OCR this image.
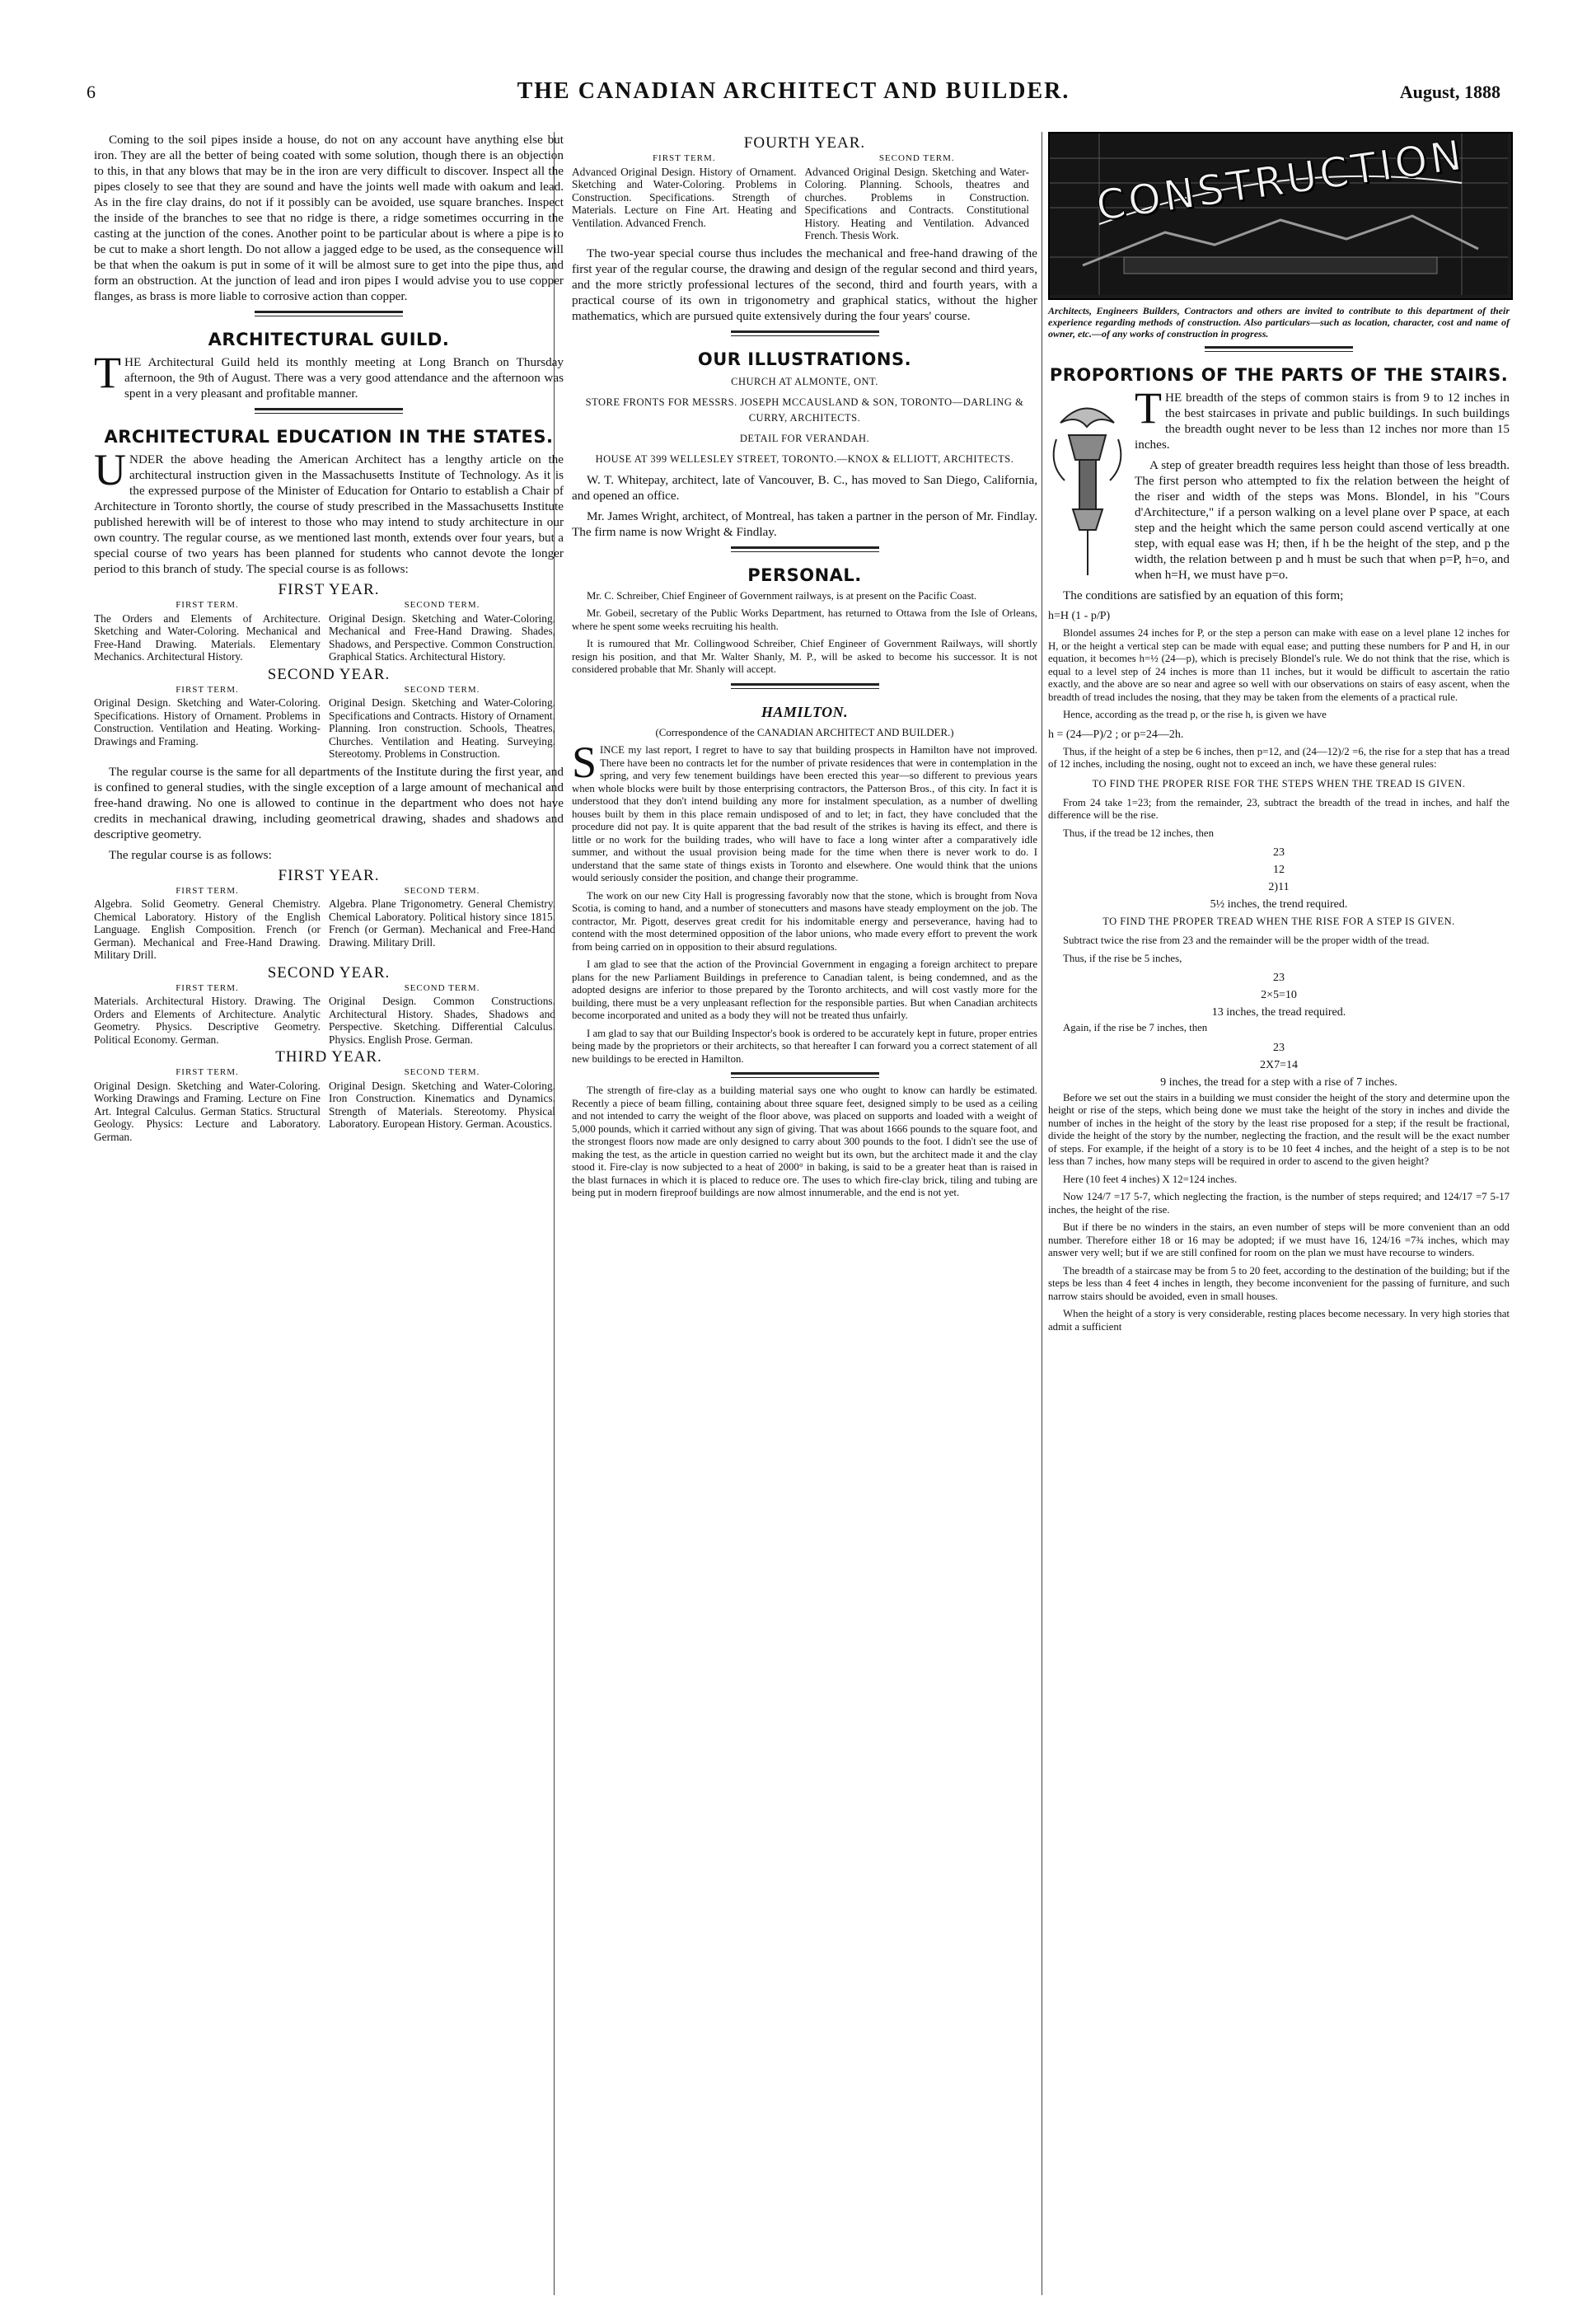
6	THE CANADIAN ARCHITECT AND BUILDER.	August, 1888

Coming to the soil pipes inside a house, do not on any account have anything else but iron. They are all the better of being coated with some solution, though there is an objection to this, in that any blows that may be in the iron are very difficult to discover. Inspect all the pipes closely to see that they are sound and have the joints well made with oakum and lead. As in the fire clay drains, do not if it possibly can be avoided, use square branches. Inspect the inside of the branches to see that no ridge is there, a ridge sometimes occurring in the casting at the junction of the cones. Another point to be particular about is where a pipe is to be cut to make a short length. Do not allow a jagged edge to be used, as the consequence will be that when the oakum is put in some of it will be almost sure to get into the pipe thus, and form an obstruction. At the junction of lead and iron pipes I would advise you to use copper flanges, as brass is more liable to corrosive action than copper.

ARCHITECTURAL GUILD.

THE Architectural Guild held its monthly meeting at Long Branch on Thursday afternoon, the 9th of August. There was a very good attendance and the afternoon was spent in a very pleasant and profitable manner.

ARCHITECTURAL EDUCATION IN THE STATES.

UNDER the above heading the American Architect has a lengthy article on the architectural instruction given in the Massachusetts Institute of Technology. As it is the expressed purpose of the Minister of Education for Ontario to establish a Chair of Architecture in Toronto shortly, the course of study prescribed in the Massachusetts Institute published herewith will be of interest to those who may intend to study architecture in our own country. The regular course, as we mentioned last month, extends over four years, but a special course of two years has been planned for students who cannot devote the longer period to this branch of study. The special course is as follows:

FIRST YEAR.
FIRST TERM.
The Orders and Elements of Architecture. Sketching and Water-Coloring. Mechanical and Free-Hand Drawing. Materials. Elementary Mechanics. Architectural History.
SECOND TERM.
Original Design. Sketching and Water-Coloring. Mechanical and Free-Hand Drawing. Shades, Shadows, and Perspective. Common Construction. Graphical Statics. Architectural History.
SECOND YEAR.
FIRST TERM.
Original Design. Sketching and Water-Coloring. Specifications. History of Ornament. Problems in Construction. Ventilation and Heating. Working-Drawings and Framing.
SECOND TERM.
Original Design. Sketching and Water-Coloring. Specifications and Contracts. History of Ornament. Planning. Iron construction. Schools, Theatres, Churches. Ventilation and Heating. Surveying. Stereotomy. Problems in Construction.

The regular course is the same for all departments of the Institute during the first year, and is confined to general studies, with the single exception of a large amount of mechanical and free-hand drawing. No one is allowed to continue in the department who does not have credits in mechanical drawing, including geometrical drawing, shades and shadows and descriptive geometry.

The regular course is as follows:

FIRST YEAR.
FIRST TERM.
Algebra. Solid Geometry. General Chemistry. Chemical Laboratory. History of the English Language. English Composition. French (or German). Mechanical and Free-Hand Drawing. Military Drill.
SECOND TERM.
Algebra. Plane Trigonometry. General Chemistry. Chemical Laboratory. Political history since 1815. French (or German). Mechanical and Free-Hand Drawing. Military Drill.
SECOND YEAR.
FIRST TERM.
Materials. Architectural History. Drawing. The Orders and Elements of Architecture. Analytic Geometry. Physics. Descriptive Geometry. Political Economy. German.
SECOND TERM.
Original Design. Common Constructions. Architectural History. Shades, Shadows and Perspective. Sketching. Differential Calculus. Physics. English Prose. German.
THIRD YEAR.
FIRST TERM.
Original Design. Sketching and Water-Coloring. Working Drawings and Framing. Lecture on Fine Art. Integral Calculus. German Statics. Structural Geology. Physics: Lecture and Laboratory. German.
SECOND TERM.
Original Design. Sketching and Water-Coloring. Iron Construction. Kinematics and Dynamics. Strength of Materials. Stereotomy. Physical Laboratory. European History. German. Acoustics.
FOURTH YEAR.
FIRST TERM.
Advanced Original Design. History of Ornament. Sketching and Water-Coloring. Problems in Construction. Specifications. Strength of Materials. Lecture on Fine Art. Heating and Ventilation. Advanced French.
SECOND TERM.
Advanced Original Design. Sketching and Water-Coloring. Planning. Schools, theatres and churches. Problems in Construction. Specifications and Contracts. Constitutional History. Heating and Ventilation. Advanced French. Thesis Work.

The two-year special course thus includes the mechanical and free-hand drawing of the first year of the regular course, the drawing and design of the regular second and third years, and the more strictly professional lectures of the second, third and fourth years, with a practical course of its own in trigonometry and graphical statics, without the higher mathematics, which are pursued quite extensively during the four years' course.

OUR ILLUSTRATIONS.

CHURCH AT ALMONTE, ONT.

STORE FRONTS FOR MESSRS. JOSEPH MCCAUSLAND & SON, TORONTO—DARLING & CURRY, ARCHITECTS.

DETAIL FOR VERANDAH.

HOUSE AT 399 WELLESLEY STREET, TORONTO.—KNOX & ELLIOTT, ARCHITECTS.

W. T. Whitepay, architect, late of Vancouver, B. C., has moved to San Diego, California, and opened an office.

Mr. James Wright, architect, of Montreal, has taken a partner in the person of Mr. Findlay. The firm name is now Wright & Findlay.

PERSONAL.

Mr. C. Schreiber, Chief Engineer of Government railways, is at present on the Pacific Coast.

Mr. Gobeil, secretary of the Public Works Department, has returned to Ottawa from the Isle of Orleans, where he spent some weeks recruiting his health.

It is rumoured that Mr. Collingwood Schreiber, Chief Engineer of Government Railways, will shortly resign his position, and that Mr. Walter Shanly, M. P., will be asked to become his successor. It is not considered probable that Mr. Shanly will accept.

HAMILTON.

(Correspondence of the CANADIAN ARCHITECT AND BUILDER.)

SINCE my last report, I regret to have to say that building prospects in Hamilton have not improved. There have been no contracts let for the number of private residences that were in contemplation in the spring, and very few tenement buildings have been erected this year—so different to previous years when whole blocks were built by those enterprising contractors, the Patterson Bros., of this city. In fact it is understood that they don't intend building any more for instalment speculation, as a number of dwelling houses built by them in this place remain undisposed of and to let; in fact, they have concluded that the procedure did not pay. It is quite apparent that the bad result of the strikes is having its effect, and there is little or no work for the building trades, who will have to face a long winter after a comparatively idle summer, and without the usual provision being made for the time when there is never work to do. I understand that the same state of things exists in Toronto and elsewhere. One would think that the unions would seriously consider the position, and change their programme.

The work on our new City Hall is progressing favorably now that the stone, which is brought from Nova Scotia, is coming to hand, and a number of stonecutters and masons have steady employment on the job. The contractor, Mr. Pigott, deserves great credit for his indomitable energy and perseverance, having had to contend with the most determined opposition of the labor unions, who made every effort to prevent the work from being carried on in opposition to their absurd regulations.

I am glad to see that the action of the Provincial Government in engaging a foreign architect to prepare plans for the new Parliament Buildings in preference to Canadian talent, is being condemned, and as the adopted designs are inferior to those prepared by the Toronto architects, and will cost vastly more for the building, there must be a very unpleasant reflection for the responsible parties. But when Canadian architects become incorporated and united as a body they will not be treated thus unfairly.

I am glad to say that our Building Inspector's book is ordered to be accurately kept in future, proper entries being made by the proprietors or their architects, so that hereafter I can forward you a correct statement of all new buildings to be erected in Hamilton.

The strength of fire-clay as a building material says one who ought to know can hardly be estimated. Recently a piece of beam filling, containing about three square feet, designed simply to be used as a ceiling and not intended to carry the weight of the floor above, was placed on supports and loaded with a weight of 5,000 pounds, which it carried without any sign of giving. That was about 1666 pounds to the square foot, and the strongest floors now made are only designed to carry about 300 pounds to the foot. I didn't see the use of making the test, as the article in question carried no weight but its own, but the architect made it and the clay stood it. Fire-clay is now subjected to a heat of 2000° in baking, is said to be a greater heat than is raised in the blast furnaces in which it is placed to reduce ore. The uses to which fire-clay brick, tiling and tubing are being put in modern fireproof buildings are now almost innumerable, and the end is not yet.

CONSTRUCTION

Architects, Engineers Builders, Contractors and others are invited to contribute to this department of their experience regarding methods of construction. Also particulars—such as location, character, cost and name of owner, etc.—of any works of construction in progress.

PROPORTIONS OF THE PARTS OF THE STAIRS.

THE breadth of the steps of common stairs is from 9 to 12 inches in the best staircases in private and public buildings. In such buildings the breadth ought never to be less than 12 inches nor more than 15 inches.

A step of greater breadth requires less height than those of less breadth. The first person who attempted to fix the relation between the height of the riser and width of the steps was Mons. Blondel, in his "Cours d'Architecture," if a person walking on a level plane over P space, at each step and the height which the same person could ascend vertically at one step, with equal ease was H; then, if h be the height of the step, and p the width, the relation between p and h must be such that when p=P, h=o, and when h=H, we must have p=o.

The conditions are satisfied by an equation of this form;

h=H (1 - p/P)

Blondel assumes 24 inches for P, or the step a person can make with ease on a level plane 12 inches for H, or the height a vertical step can be made with equal ease; and putting these numbers for P and H, in our equation, it becomes h=½ (24—p), which is precisely Blondel's rule. We do not think that the rise, which is equal to a level step of 24 inches is more than 11 inches, but it would be difficult to ascertain the ratio exactly, and the above are so near and agree so well with our observations on stairs of easy ascent, when the breadth of tread includes the nosing, that they may be taken from the elements of a practical rule.

Hence, according as the tread p, or the rise h, is given we have

h = (24—P)/2 ; or p=24—2h.

Thus, if the height of a step be 6 inches, then p=12, and (24—12)/2 =6, the rise for a step that has a tread of 12 inches, including the nosing, ought not to exceed an inch, we have these general rules:

TO FIND THE PROPER RISE FOR THE STEPS WHEN THE TREAD IS GIVEN.

From 24 take 1=23; from the remainder, 23, subtract the breadth of the tread in inches, and half the difference will be the rise.

Thus, if the tread be 12 inches, then

23

12

2)11

5½ inches, the trend required.

TO FIND THE PROPER TREAD WHEN THE RISE FOR A STEP IS GIVEN.

Subtract twice the rise from 23 and the remainder will be the proper width of the tread.

Thus, if the rise be 5 inches,

23

2×5=10

13 inches, the tread required.

Again, if the rise be 7 inches, then

23

2X7=14

9 inches, the tread for a step with a rise of 7 inches.

Before we set out the stairs in a building we must consider the height of the story and determine upon the height or rise of the steps, which being done we must take the height of the story in inches and divide the number of inches in the height of the story by the least rise proposed for a step; if the result be fractional, divide the height of the story by the number, neglecting the fraction, and the result will be the exact number of steps. For example, if the height of a story is to be 10 feet 4 inches, and the height of a step is to be not less than 7 inches, how many steps will be required in order to ascend to the given height?

Here (10 feet 4 inches) X 12=124 inches.

Now 124/7 =17 5-7, which neglecting the fraction, is the number of steps required; and 124/17 =7 5-17 inches, the height of the rise.

But if there be no winders in the stairs, an even number of steps will be more convenient than an odd number. Therefore either 18 or 16 may be adopted; if we must have 16, 124/16 =7¾ inches, which may answer very well; but if we are still confined for room on the plan we must have recourse to winders.

The breadth of a staircase may be from 5 to 20 feet, according to the destination of the building; but if the steps be less than 4 feet 4 inches in length, they become inconvenient for the passing of furniture, and such narrow stairs should be avoided, even in small houses.

When the height of a story is very considerable, resting places become necessary. In very high stories that admit a sufficient
